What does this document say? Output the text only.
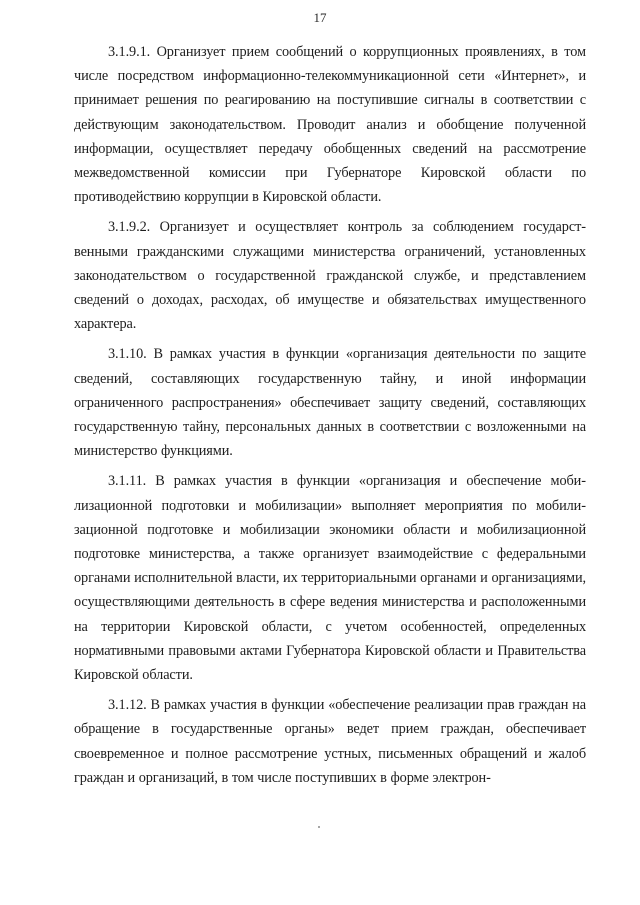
17

3.1.9.1. Организует прием сообщений о коррупционных проявлениях, в том числе посредством информационно-телекоммуникационной сети «Интернет», и принимает решения по реагированию на поступившие сигналы в соответствии с действующим законодательством. Проводит анализ и обобщение полученной информации, осуществляет передачу обобщенных сведений на рассмотрение межведомственной комиссии при Губернаторе Кировской области по противодействию коррупции в Кировской области.

3.1.9.2. Организует и осуществляет контроль за соблюдением государственными гражданскими служащими министерства ограничений, установленных законодательством о государственной гражданской службе, и представлением сведений о доходах, расходах, об имуществе и обязательствах имущественного характера.

3.1.10. В рамках участия в функции «организация деятельности по защите сведений, составляющих государственную тайну, и иной информации ограниченного распространения» обеспечивает защиту сведений, составляющих государственную тайну, персональных данных в соответствии с возложенными на министерство функциями.

3.1.11. В рамках участия в функции «организация и обеспечение мобилизационной подготовки и мобилизации» выполняет мероприятия по мобилизационной подготовке и мобилизации экономики области и мобилизационной подготовке министерства, а также организует взаимодействие с федеральными органами исполнительной власти, их территориальными органами и организациями, осуществляющими деятельность в сфере ведения министерства и расположенными на территории Кировской области, с учетом особенностей, определенных нормативными правовыми актами Губернатора Кировской области и Правительства Кировской области.

3.1.12. В рамках участия в функции «обеспечение реализации прав граждан на обращение в государственные органы» ведет прием граждан, обеспечивает своевременное и полное рассмотрение устных, письменных обращений и жалоб граждан и организаций, в том числе поступивших в форме электрон-
